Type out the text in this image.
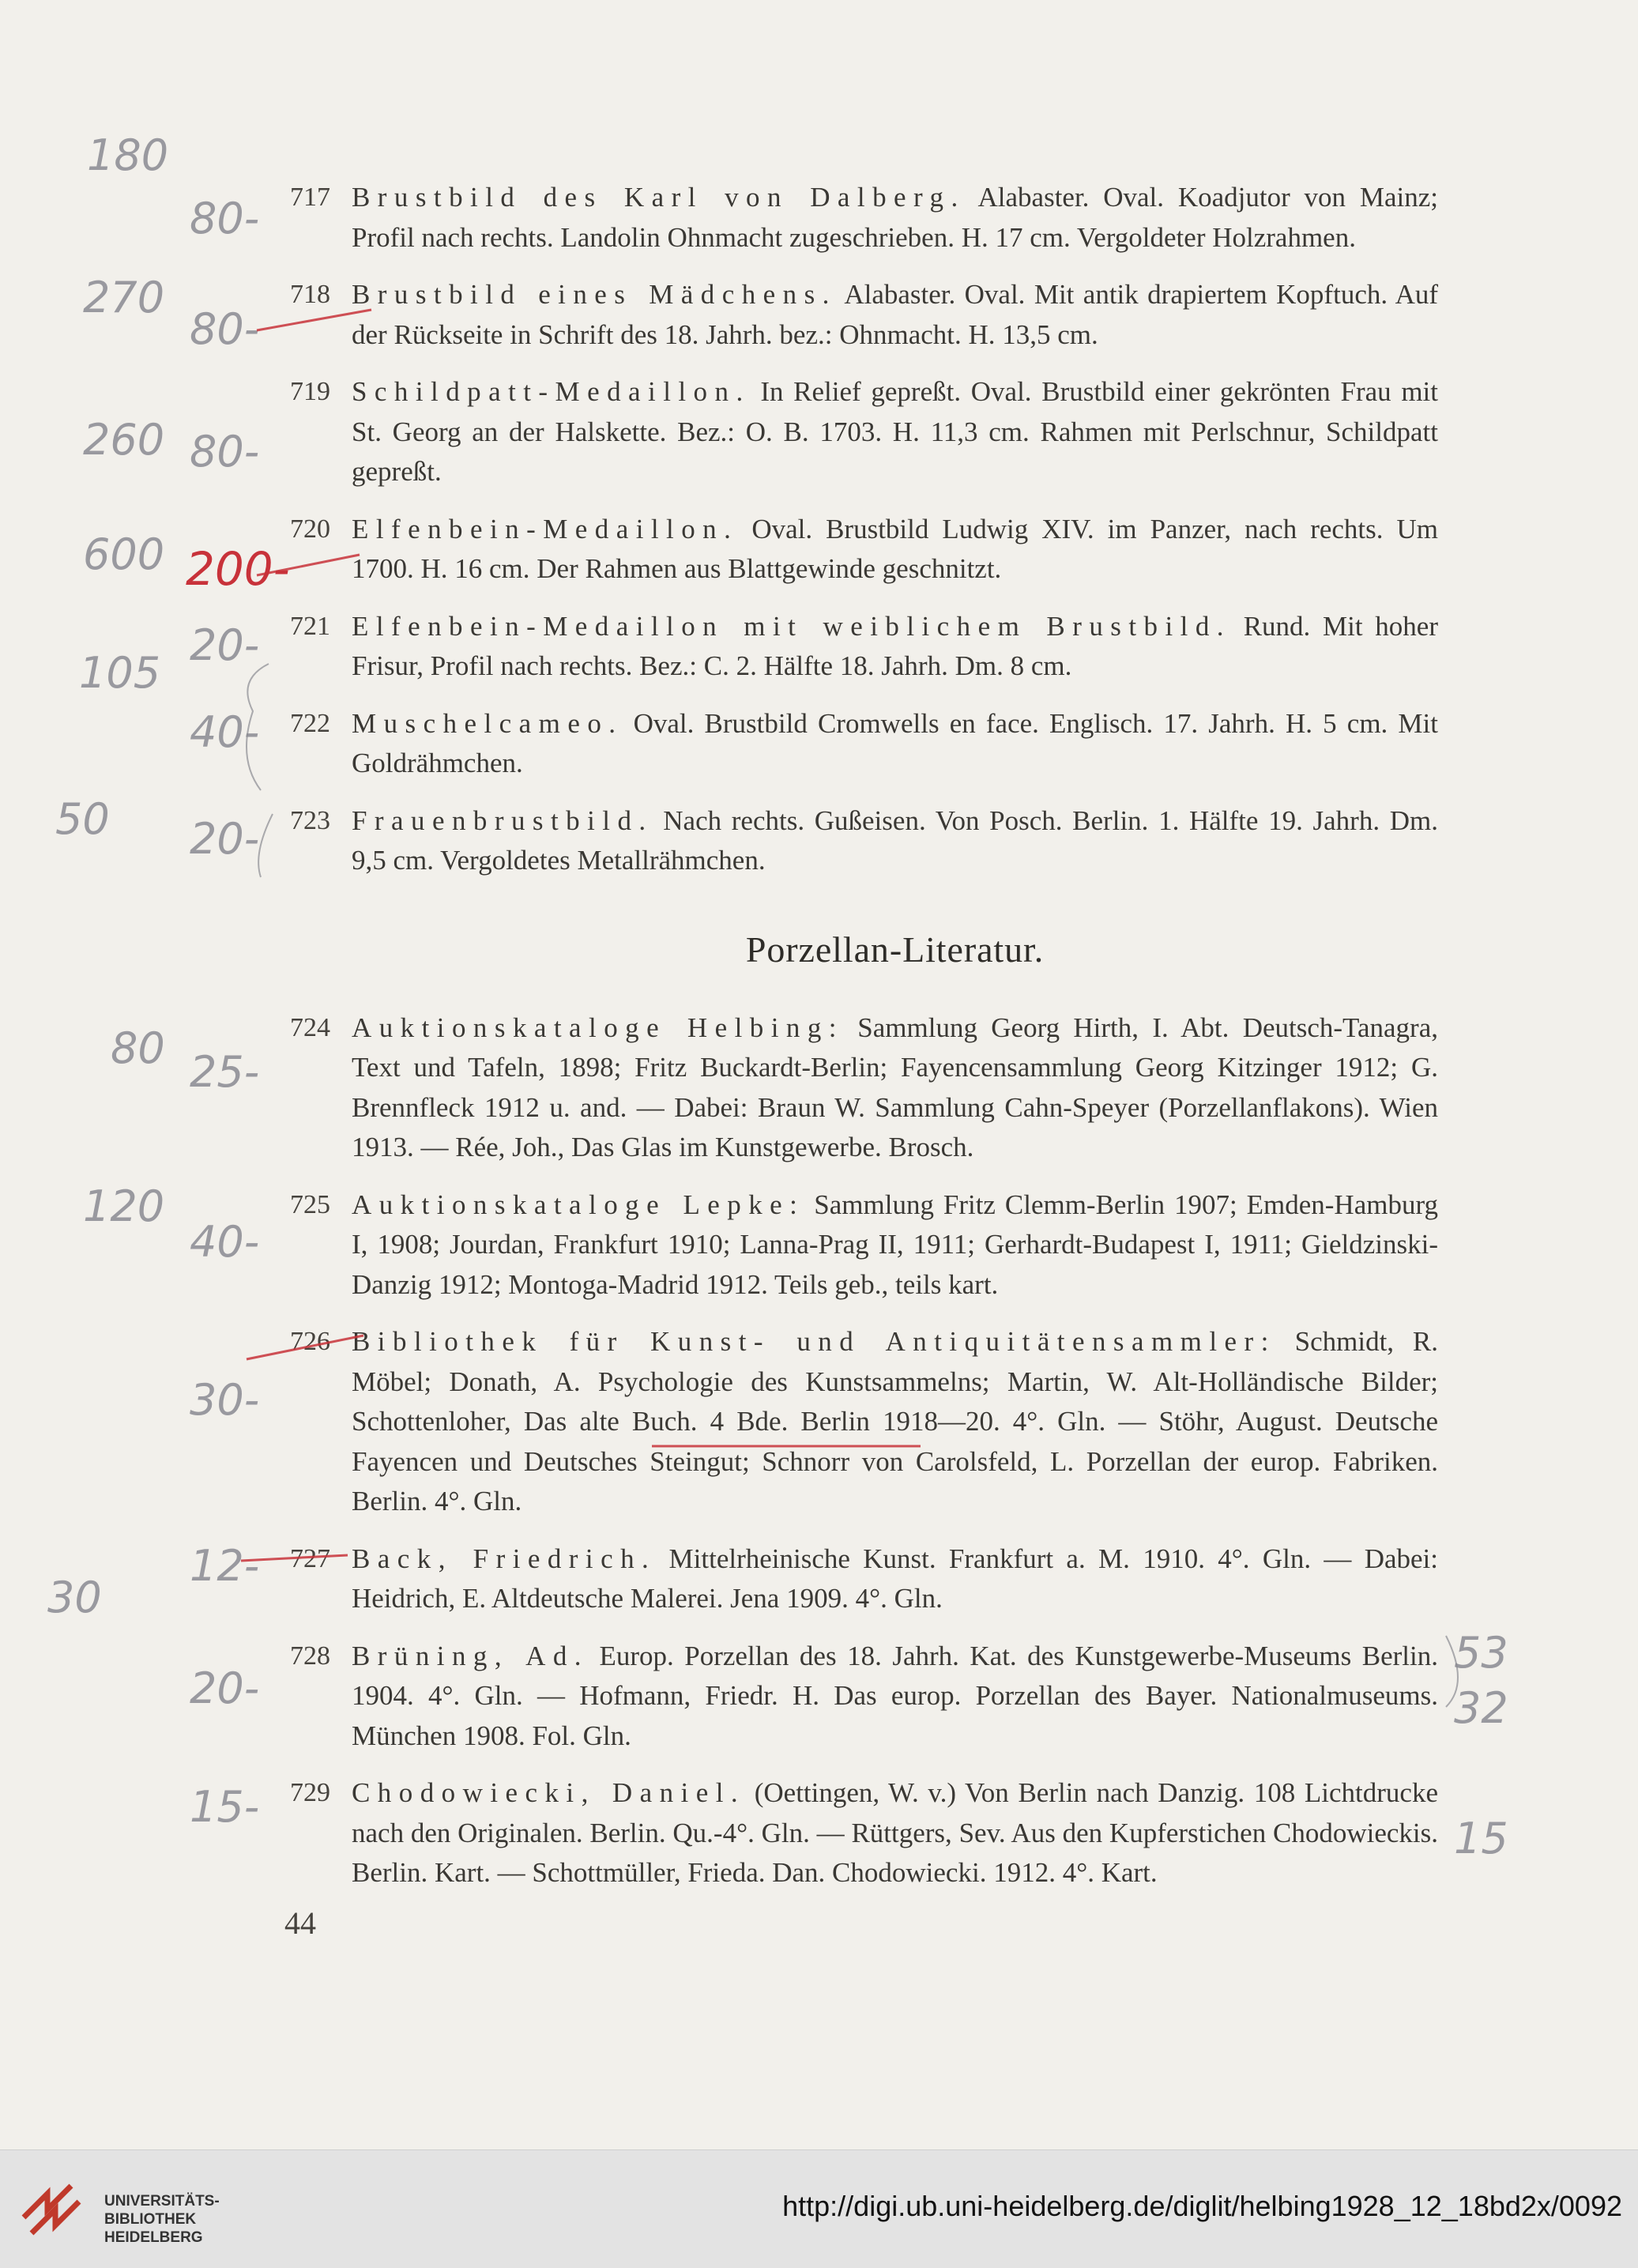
717 Brustbild des Karl von Dalberg. Alabaster. Oval. Koadjutor von Mainz; Profil nach rechts. Landolin Ohnmacht zugeschrieben. H. 17 cm. Vergoldeter Holzrahmen.
718 Brustbild eines Mädchens. Alabaster. Oval. Mit antik drapiertem Kopftuch. Auf der Rückseite in Schrift des 18. Jahrh. bez.: Ohnmacht. H. 13,5 cm.
719 Schildpatt-Medaillon. In Relief gepreßt. Oval. Brustbild einer gekrönten Frau mit St. Georg an der Halskette. Bez.: O. B. 1703. H. 11,3 cm. Rahmen mit Perlschnur, Schildpatt gepreßt.
720 Elfenbein-Medaillon. Oval. Brustbild Ludwig XIV. im Panzer, nach rechts. Um 1700. H. 16 cm. Der Rahmen aus Blattgewinde geschnitzt.
721 Elfenbein-Medaillon mit weiblichem Brustbild. Rund. Mit hoher Frisur, Profil nach rechts. Bez.: C. 2. Hälfte 18. Jahrh. Dm. 8 cm.
722 Muschelcameo. Oval. Brustbild Cromwells en face. Englisch. 17. Jahrh. H. 5 cm. Mit Goldrähmchen.
723 Frauenbrustbild. Nach rechts. Gußeisen. Von Posch. Berlin. 1. Hälfte 19. Jahrh. Dm. 9,5 cm. Vergoldetes Metallrähmchen.
Porzellan-Literatur.
724 Auktionskataloge Helbing: Sammlung Georg Hirth, I. Abt. Deutsch-Tanagra, Text und Tafeln, 1898; Fritz Buckardt-Berlin; Fayencensammlung Georg Kitzinger 1912; G. Brennfleck 1912 u. and. — Dabei: Braun W. Sammlung Cahn-Speyer (Porzellanflakons). Wien 1913. — Rée, Joh., Das Glas im Kunstgewerbe. Brosch.
725 Auktionskataloge Lepke: Sammlung Fritz Clemm-Berlin 1907; Emden-Hamburg I, 1908; Jourdan, Frankfurt 1910; Lanna-Prag II, 1911; Gerhardt-Budapest I, 1911; Gieldzinski-Danzig 1912; Montoga-Madrid 1912. Teils geb., teils kart.
726 Bibliothek für Kunst- und Antiquitätensammler: Schmidt, R. Möbel; Donath, A. Psychologie des Kunstsammelns; Martin, W. Alt-Holländische Bilder; Schottenloher, Das alte Buch. 4 Bde. Berlin 1918—20. 4°. Gln. — Stöhr, August. Deutsche Fayencen und Deutsches Steingut; Schnorr von Carolsfeld, L. Porzellan der europ. Fabriken. Berlin. 4°. Gln.
727 Back, Friedrich. Mittelrheinische Kunst. Frankfurt a. M. 1910. 4°. Gln. — Dabei: Heidrich, E. Altdeutsche Malerei. Jena 1909. 4°. Gln.
728 Brüning, Ad. Europ. Porzellan des 18. Jahrh. Kat. des Kunstgewerbe-Museums Berlin. 1904. 4°. Gln. — Hofmann, Friedr. H. Das europ. Porzellan des Bayer. Nationalmuseums. München 1908. Fol. Gln.
729 Chodowiecki, Daniel. (Oettingen, W. v.) Von Berlin nach Danzig. 108 Lichtdrucke nach den Originalen. Berlin. Qu.-4°. Gln. — Rüttgers, Sev. Aus den Kupferstichen Chodowieckis. Berlin. Kart. — Schottmüller, Frieda. Dan. Chodowiecki. 1912. 4°. Kart.
44
180
80-
270
80-
260 80-
600
105
20-
40-
50 20-
80 25-
120
40-
30-
30
12-
20-
15-
53
32
15
200-
UNIVERSITÄTS-
BIBLIOTHEK
HEIDELBERG
http://digi.ub.uni-heidelberg.de/diglit/helbing1928_12_18bd2x/0092
